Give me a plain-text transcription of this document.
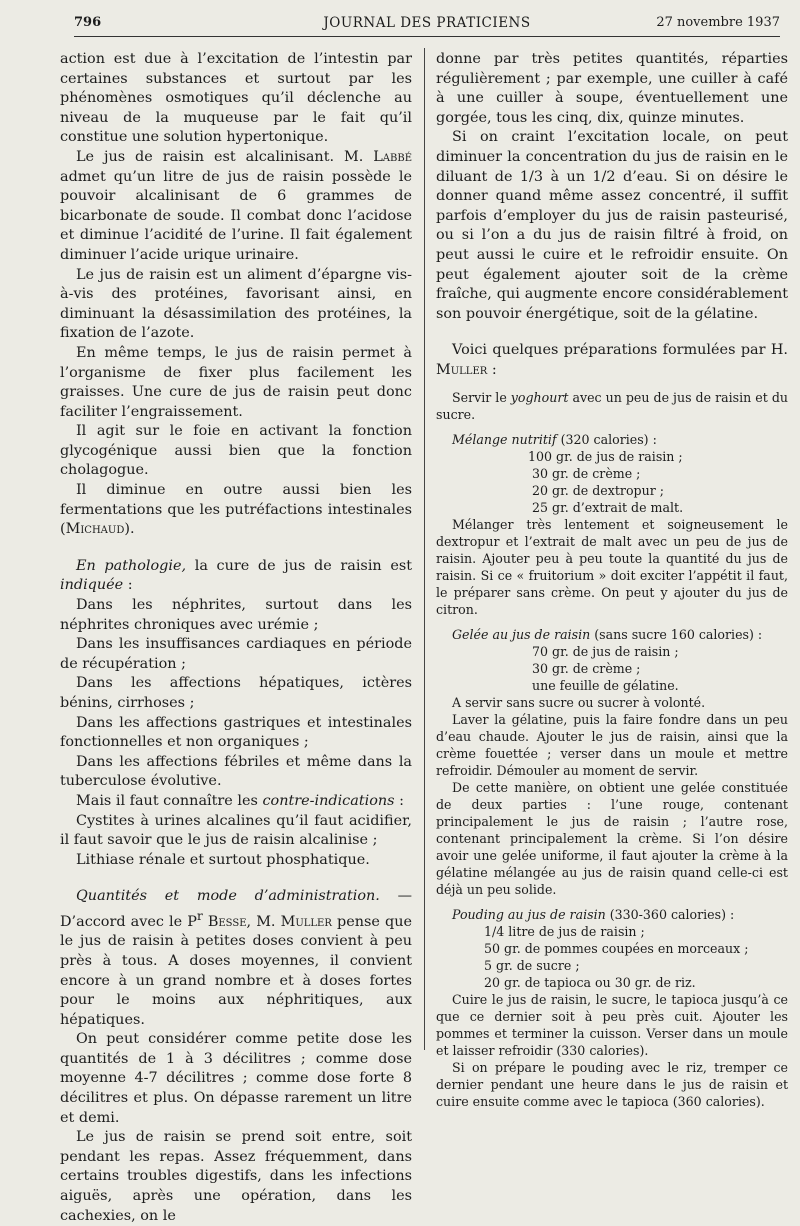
796	JOURNAL DES PRATICIENS	27 novembre 1937

action est due à l’excitation de l’intestin par certaines substances et surtout par les phénomènes osmotiques qu’il déclenche au niveau de la muqueuse par le fait qu’il constitue une solution hypertonique.

Le jus de raisin est alcalinisant. M. Labbé admet qu’un litre de jus de raisin possède le pouvoir alcalinisant de 6 grammes de bicarbonate de soude. Il combat donc l’acidose et diminue l’acidité de l’urine. Il fait également diminuer l’acide urique urinaire.

Le jus de raisin est un aliment d’épargne vis-à-vis des protéines, favorisant ainsi, en diminuant la désassimilation des protéines, la fixation de l’azote.

En même temps, le jus de raisin permet à l’organisme de fixer plus facilement les graisses. Une cure de jus de raisin peut donc faciliter l’engraissement.

Il agit sur le foie en activant la fonction glycogénique aussi bien que la fonction cholagogue.

Il diminue en outre aussi bien les fermentations que les putréfactions intestinales (Michaud).

En pathologie, la cure de jus de raisin est indiquée :

Dans les néphrites, surtout dans les néphrites chroniques avec urémie ;

Dans les insuffisances cardiaques en période de récupération ;

Dans les affections hépatiques, ictères bénins, cirrhoses ;

Dans les affections gastriques et intestinales fonctionnelles et non organiques ;

Dans les affections fébriles et même dans la tuberculose évolutive.

Mais il faut connaître les contre-indications :

Cystites à urines alcalines qu’il faut acidifier, il faut savoir que le jus de raisin alcalinise ;

Lithiase rénale et surtout phosphatique.

Quantités et mode d’administration. — D’accord avec le $P^r$ Besse, M. Muller pense que le jus de raisin à petites doses convient à peu près à tous. A doses moyennes, il convient encore à un grand nombre et à doses fortes pour le moins aux néphritiques, aux hépatiques.

On peut considérer comme petite dose les quantités de 1 à 3 décilitres ; comme dose moyenne 4-7 décilitres ; comme dose forte 8 décilitres et plus. On dépasse rarement un litre et demi.

Le jus de raisin se prend soit entre, soit pendant les repas. Assez fréquemment, dans certains troubles digestifs, dans les infections aiguës, après une opération, dans les cachexies, on le

donne par très petites quantités, réparties régulièrement ; par exemple, une cuiller à café à une cuiller à soupe, éventuellement une gorgée, tous les cinq, dix, quinze minutes.

Si on craint l’excitation locale, on peut diminuer la concentration du jus de raisin en le diluant de 1/3 à un 1/2 d’eau. Si on désire le donner quand même assez concentré, il suffit parfois d’employer du jus de raisin pasteurisé, ou si l’on a du jus de raisin filtré à froid, on peut aussi le cuire et le refroidir ensuite. On peut également ajouter soit de la crème fraîche, qui augmente encore considérablement son pouvoir énergétique, soit de la gélatine.

Voici quelques préparations formulées par H. Muller :

Servir le yoghourt avec un peu de jus de raisin et du sucre.

Mélange nutritif (320 calories) :

100 gr. de jus de raisin ;
30 gr. de crème ;
20 gr. de dextropur ;
25 gr. d’extrait de malt.

Mélanger très lentement et soigneusement le dextropur et l’extrait de malt avec un peu de jus de raisin. Ajouter peu à peu toute la quantité du jus de raisin. Si ce « fruitorium » doit exciter l’appétit il faut, le préparer sans crème. On peut y ajouter du jus de citron.

Gelée au jus de raisin (sans sucre 160 calories) :

70 gr. de jus de raisin ;
30 gr. de crème ;
une feuille de gélatine.

A servir sans sucre ou sucrer à volonté.

Laver la gélatine, puis la faire fondre dans un peu d’eau chaude. Ajouter le jus de raisin, ainsi que la crème fouettée ; verser dans un moule et mettre refroidir. Démouler au moment de servir.

De cette manière, on obtient une gelée constituée de deux parties : l’une rouge, contenant principalement le jus de raisin ; l’autre rose, contenant principalement la crème. Si l’on désire avoir une gelée uniforme, il faut ajouter la crème à la gélatine mélangée au jus de raisin quand celle-ci est déjà un peu solide.

Pouding au jus de raisin (330-360 calories) :

1/4 litre de jus de raisin ;
50 gr. de pommes coupées en morceaux ;
5 gr. de sucre ;
20 gr. de tapioca ou 30 gr. de riz.

Cuire le jus de raisin, le sucre, le tapioca jusqu’à ce que ce dernier soit à peu près cuit. Ajouter les pommes et terminer la cuisson. Verser dans un moule et laisser refroidir (330 calories).

Si on prépare le pouding avec le riz, tremper ce dernier pendant une heure dans le jus de raisin et cuire ensuite comme avec le tapioca (360 calories).
